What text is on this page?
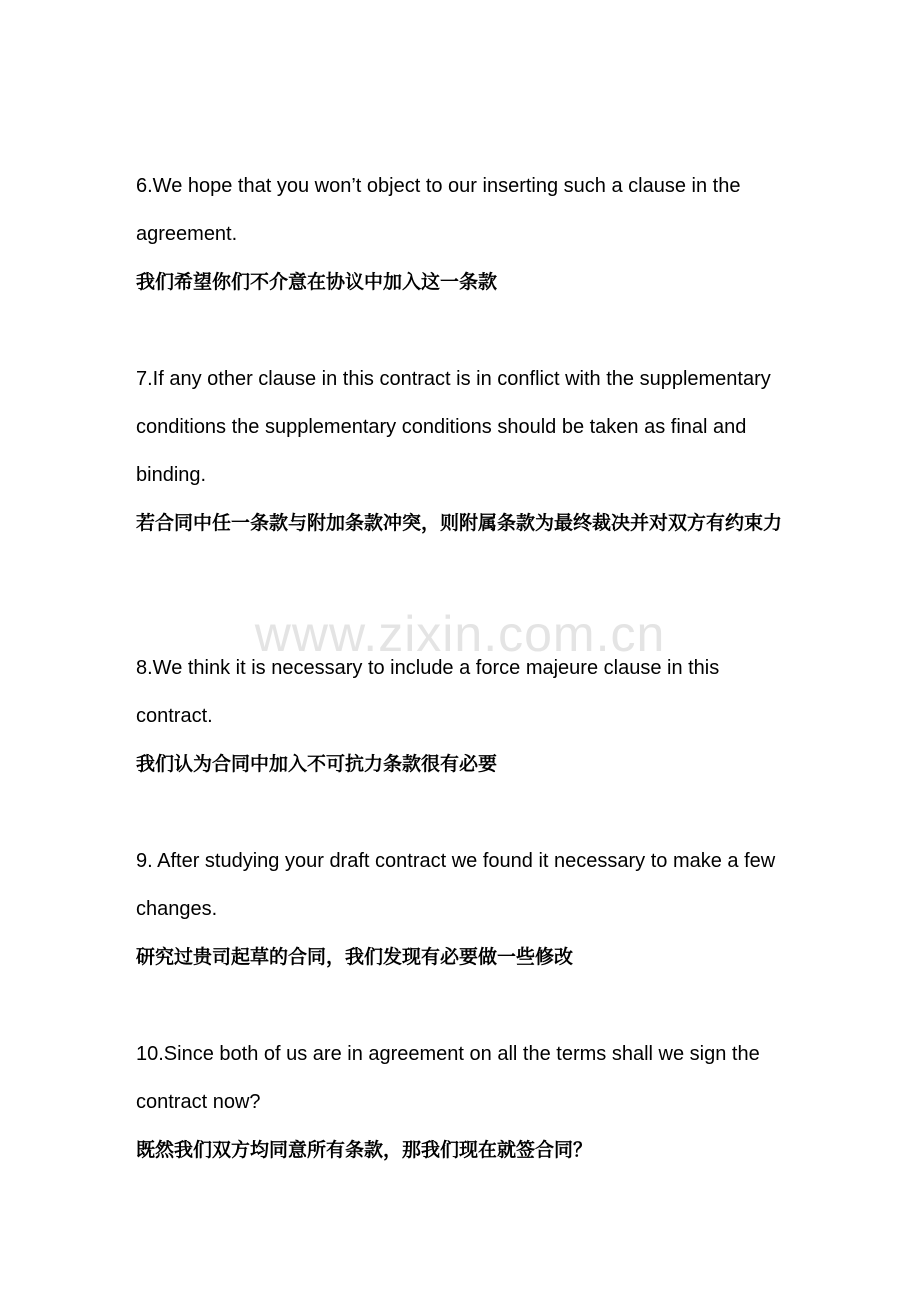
www.zixin.com.cn

6.We hope that you won’t object to our inserting such a clause in the agreement.

我们希望你们不介意在协议中加入这一条款

7.If any other clause in this contract is in conflict with the supplementary conditions the supplementary conditions should be taken as final and binding.

若合同中任一条款与附加条款冲突，则附属条款为最终裁决并对双方有约束力

8.We think it is necessary to include a force majeure clause in this contract.

我们认为合同中加入不可抗力条款很有必要

9. After studying your draft contract we found it necessary to make a few changes.

研究过贵司起草的合同，我们发现有必要做一些修改

10.Since both of us are in agreement on all the terms shall we sign the contract now?

既然我们双方均同意所有条款，那我们现在就签合同？
